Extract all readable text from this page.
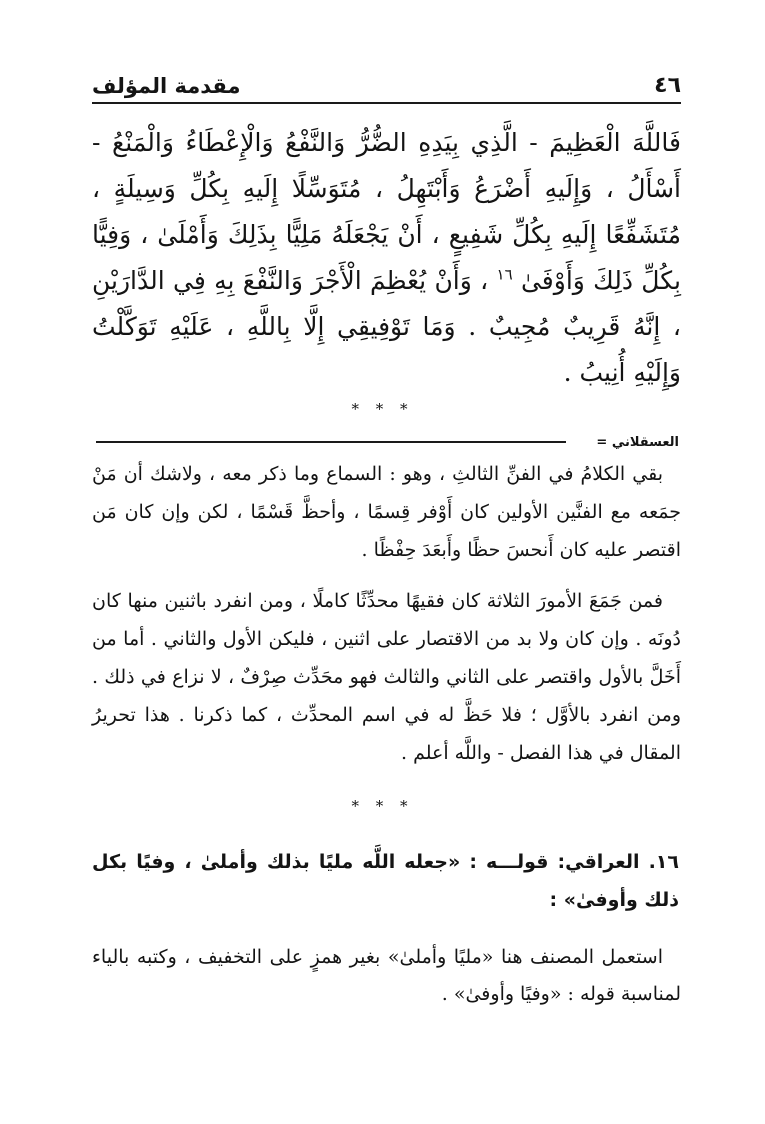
٤٦
مقدمة المؤلف

فَاللَّهَ الْعَظِيمَ - الَّذِي بِيَدِهِ الضُّرُّ وَالنَّفْعُ وَالْإِعْطَاءُ وَالْمَنْعُ - أَسْأَلُ ، وَإِلَيهِ أَضْرَعُ وَأَبْتَهِلُ ، مُتَوَسِّلًا إِلَيهِ بِكُلِّ وَسِيلَةٍ ، مُتَشَفِّعًا إِلَيهِ بِكُلِّ شَفِيعٍ ، أَنْ يَجْعَلَهُ مَلِيًّا بِذَلِكَ وَأَمْلَىٰ ، وَفِيًّا بِكُلِّ ذَلِكَ وَأَوْفَىٰ $^{١٦}$ ، وَأَنْ يُعْظِمَ الْأَجْرَ وَالنَّفْعَ بِهِ فِي الدَّارَيْنِ ، إِنَّهُ قَرِيبٌ مُجِيبٌ . وَمَا تَوْفِيقِي إِلَّا بِاللَّهِ ، عَلَيْهِ تَوَكَّلْتُ وَإِلَيْهِ أُنِيبُ .

* * *
العسقلاني =

بقي الكلامُ في الفنِّ الثالثِ ، وهو : السماع وما ذكر معه ، ولاشك أن مَنْ جمَعه مع الفنَّين الأولين كان أَوْفر قِسمًا ، وأحظَّ قَسْمًا ، لكن وإن كان مَن اقتصر عليه كان أَنحسَ حظًا وأَبعَدَ حِفْظًا .

فمن جَمَعَ الأمورَ الثلاثة كان فقيهًا محدِّثًا كاملًا ، ومن انفرد باثنين منها كان دُونَه . وإن كان ولا بد من الاقتصار على اثنين ، فليكن الأول والثاني . أما من أَخَلَّ بالأول واقتصر على الثاني والثالث فهو محَدِّث صِرْفٌ ، لا نزاع في ذلك . ومن انفرد بالأوَّل ؛ فلا حَظَّ له في اسم المحدِّث ، كما ذكرنا . هذا تحريرُ المقال في هذا الفصل - واللَّه أعلم .

* * *
١٦. العراقي: قولـــه : «جعله اللَّه مليًا بذلك وأملىٰ ، وفيًا بكل ذلك وأوفىٰ» :

استعمل المصنف هنا «مليًا وأملىٰ» بغير همزٍ على التخفيف ، وكتبه بالياء لمناسبة قوله : «وفيًا وأوفىٰ» .
